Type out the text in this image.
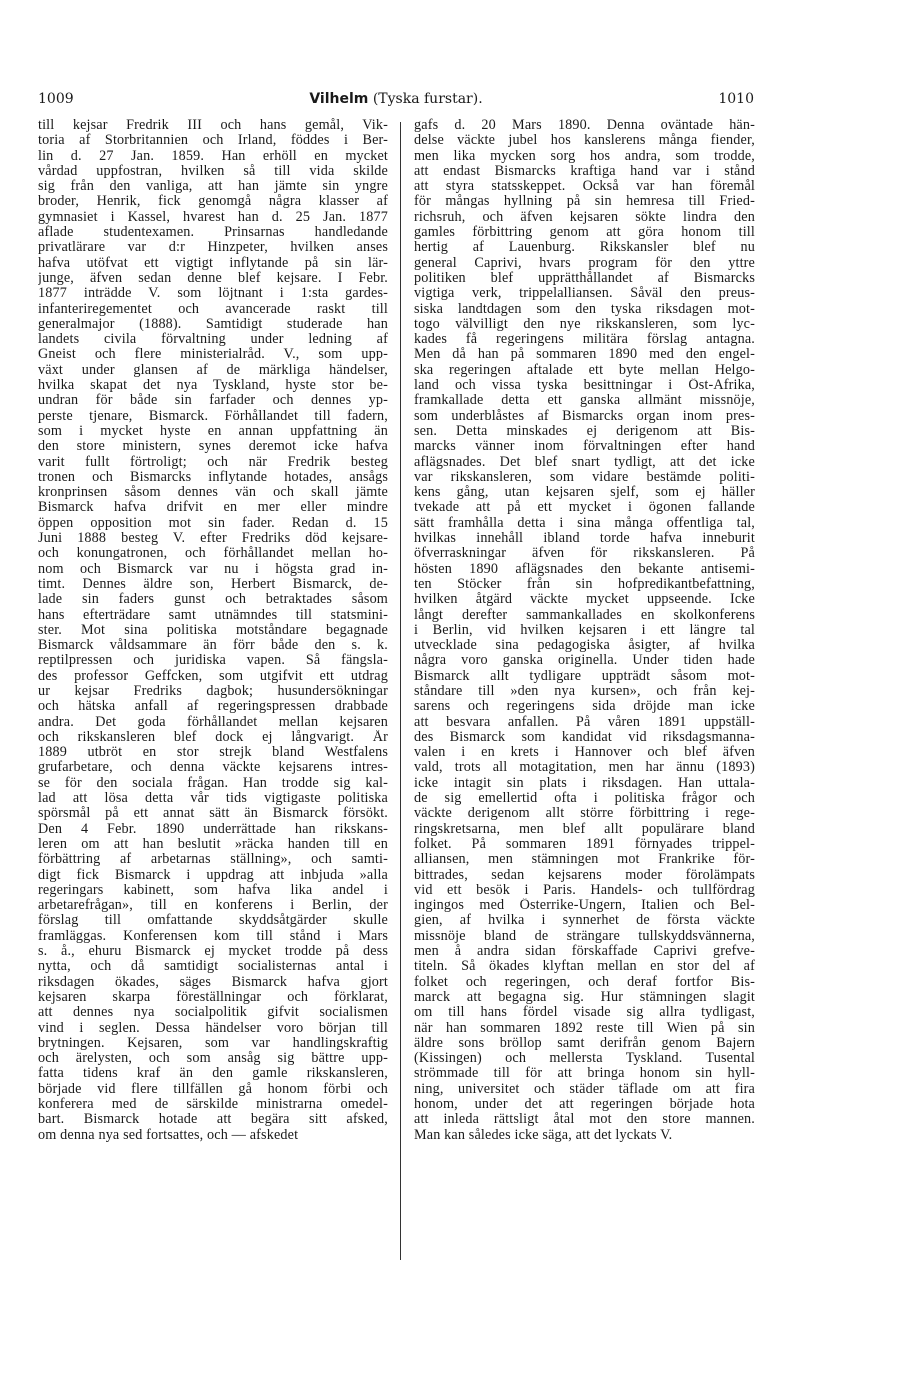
1009	Vilhelm (Tyska furstar).	1010
till kejsar Fredrik III och hans gemål, Vik-
toria af Storbritannien och Irland, föddes i Ber-
lin d. 27 Jan. 1859. Han erhöll en mycket
vårdad uppfostran, hvilken så till vida skilde
sig från den vanliga, att han jämte sin yngre
broder, Henrik, fick genomgå några klasser af
gymnasiet i Kassel, hvarest han d. 25 Jan. 1877
aflade studentexamen. Prinsarnas handledande
privatlärare var d:r Hinzpeter, hvilken anses
hafva utöfvat ett vigtigt inflytande på sin lär-
junge, äfven sedan denne blef kejsare. I Febr.
1877 inträdde V. som löjtnant i 1:sta gardes-
infanteriregementet och avancerade raskt till
generalmajor (1888). Samtidigt studerade han
landets civila förvaltning under ledning af
Gneist och flere ministerialråd. V., som upp-
växt under glansen af de märkliga händelser,
hvilka skapat det nya Tyskland, hyste stor be-
undran för både sin farfader och dennes yp-
perste tjenare, Bismarck. Förhållandet till fadern,
som i mycket hyste en annan uppfattning än
den store ministern, synes deremot icke hafva
varit fullt förtroligt; och när Fredrik besteg
tronen och Bismarcks inflytande hotades, ansågs
kronprinsen såsom dennes vän och skall jämte
Bismarck hafva drifvit en mer eller mindre
öppen opposition mot sin fader. Redan d. 15
Juni 1888 besteg V. efter Fredriks död kejsare-
och konungatronen, och förhållandet mellan ho-
nom och Bismarck var nu i högsta grad in-
timt. Dennes äldre son, Herbert Bismarck, de-
lade sin faders gunst och betraktades såsom
hans efterträdare samt utnämndes till statsmini-
ster. Mot sina politiska motståndare begagnade
Bismarck våldsammare än förr både den s. k.
reptilpressen och juridiska vapen. Så fängsla-
des professor Geffcken, som utgifvit ett utdrag
ur kejsar Fredriks dagbok; husundersökningar
och hätska anfall af regeringspressen drabbade
andra. Det goda förhållandet mellan kejsaren
och rikskansleren blef dock ej långvarigt. År
1889 utbröt en stor strejk bland Westfalens
grufarbetare, och denna väckte kejsarens intres-
se för den sociala frågan. Han trodde sig kal-
lad att lösa detta vår tids vigtigaste politiska
spörsmål på ett annat sätt än Bismarck försökt.
Den 4 Febr. 1890 underrättade han rikskans-
leren om att han beslutit »räcka handen till en
förbättring af arbetarnas ställning», och samti-
digt fick Bismarck i uppdrag att inbjuda »alla
regeringars kabinett, som hafva lika andel i
arbetarefrågan», till en konferens i Berlin, der
förslag till omfattande skyddsåtgärder skulle
framläggas. Konferensen kom till stånd i Mars
s. å., ehuru Bismarck ej mycket trodde på dess
nytta, och då samtidigt socialisternas antal i
riksdagen ökades, säges Bismarck hafva gjort
kejsaren skarpa föreställningar och förklarat,
att dennes nya socialpolitik gifvit socialismen
vind i seglen. Dessa händelser voro början till
brytningen. Kejsaren, som var handlingskraftig
och ärelysten, och som ansåg sig bättre upp-
fatta tidens kraf än den gamle rikskansleren,
började vid flere tillfällen gå honom förbi och
konferera med de särskilde ministrarna omedel-
bart. Bismarck hotade att begära sitt afsked,
om denna nya sed fortsattes, och — afskedet
gafs d. 20 Mars 1890. Denna oväntade hän-
delse väckte jubel hos kanslerens många fiender,
men lika mycken sorg hos andra, som trodde,
att endast Bismarcks kraftiga hand var i stånd
att styra statsskeppet. Också var han föremål
för mångas hyllning på sin hemresa till Fried-
richsruh, och äfven kejsaren sökte lindra den
gamles förbittring genom att göra honom till
hertig af Lauenburg. Rikskansler blef nu
general Caprivi, hvars program för den yttre
politiken blef upprätthållandet af Bismarcks
vigtiga verk, trippelalliansen. Såväl den preus-
siska landtdagen som den tyska riksdagen mot-
togo välvilligt den nye rikskansleren, som lyc-
kades få regeringens militära förslag antagna.
Men då han på sommaren 1890 med den engel-
ska regeringen aftalade ett byte mellan Helgo-
land och vissa tyska besittningar i Öst-Afrika,
framkallade detta ett ganska allmänt missnöje,
som underblåstes af Bismarcks organ inom pres-
sen. Detta minskades ej derigenom att Bis-
marcks vänner inom förvaltningen efter hand
aflägsnades. Det blef snart tydligt, att det icke
var rikskansleren, som vidare bestämde politi-
kens gång, utan kejsaren sjelf, som ej häller
tvekade att på ett mycket i ögonen fallande
sätt framhålla detta i sina många offentliga tal,
hvilkas innehåll ibland torde hafva inneburit
öfverraskningar äfven för rikskansleren. På
hösten 1890 aflägsnades den bekante antisemi-
ten Stöcker från sin hofpredikantbefattning,
hvilken åtgärd väckte mycket uppseende. Icke
långt derefter sammankallades en skolkonferens
i Berlin, vid hvilken kejsaren i ett längre tal
utvecklade sina pedagogiska åsigter, af hvilka
några voro ganska originella. Under tiden hade
Bismarck allt tydligare uppträdt såsom mot-
ståndare till »den nya kursen», och från kej-
sarens och regeringens sida dröjde man icke
att besvara anfallen. På våren 1891 uppställ-
des Bismarck som kandidat vid riksdagsmanna-
valen i en krets i Hannover och blef äfven
vald, trots all motagitation, men har ännu (1893)
icke intagit sin plats i riksdagen. Han uttala-
de sig emellertid ofta i politiska frågor och
väckte derigenom allt större förbittring i rege-
ringskretsarna, men blef allt populärare bland
folket. På sommaren 1891 förnyades trippel-
alliansen, men stämningen mot Frankrike för-
bittrades, sedan kejsarens moder förolämpats
vid ett besök i Paris. Handels- och tullfördrag
ingingos med Österrike-Ungern, Italien och Bel-
gien, af hvilka i synnerhet de första väckte
missnöje bland de strängare tullskyddsvännerna,
men å andra sidan förskaffade Caprivi grefve-
titeln. Så ökades klyftan mellan en stor del af
folket och regeringen, och deraf fortfor Bis-
marck att begagna sig. Hur stämningen slagit
om till hans fördel visade sig allra tydligast,
när han sommaren 1892 reste till Wien på sin
äldre sons bröllop samt derifrån genom Bajern
(Kissingen) och mellersta Tyskland. Tusental
strömmade till för att bringa honom sin hyll-
ning, universitet och städer täflade om att fira
honom, under det att regeringen började hota
att inleda rättsligt åtal mot den store mannen.
Man kan således icke säga, att det lyckats V.
